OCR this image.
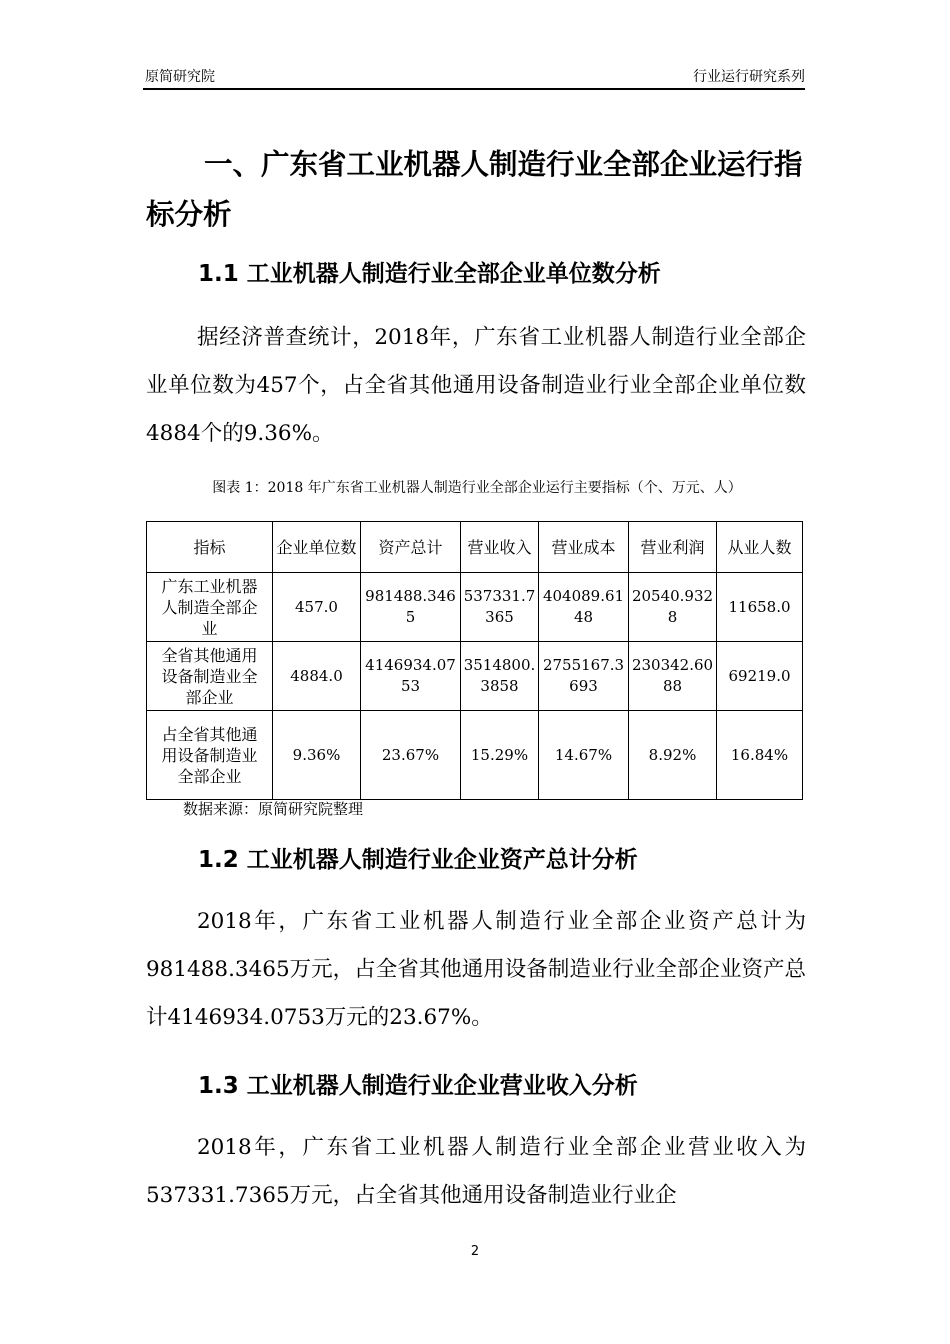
原简研究院	行业运行研究系列
一、广东省工业机器人制造行业全部企业运行指标分析
1.1 工业机器人制造行业全部企业单位数分析

据经济普查统计，2018年，广东省工业机器人制造行业全部企业单位数为457个，占全省其他通用设备制造业行业全部企业单位数4884个的9.36%。

图表 1：2018 年广东省工业机器人制造行业全部企业运行主要指标（个、万元、人）
指标	企业单位数	资产总计	营业收入	营业成本	营业利润	从业人数
广东工业机器人制造全部企业	457.0	981488.3465	537331.7365	404089.6148	20540.9328	11658.0
全省其他通用设备制造业全部企业	4884.0	4146934.0753	3514800.3858	2755167.3693	230342.6088	69219.0
占全省其他通用设备制造业全部企业	9.36%	23.67%	15.29%	14.67%	8.92%	16.84%
数据来源：原简研究院整理
1.2 工业机器人制造行业企业资产总计分析

2018年，广东省工业机器人制造行业全部企业资产总计为981488.3465万元，占全省其他通用设备制造业行业全部企业资产总计4146934.0753万元的23.67%。

1.3 工业机器人制造行业企业营业收入分析

2018年，广东省工业机器人制造行业全部企业营业收入为537331.7365万元，占全省其他通用设备制造业行业企

2
